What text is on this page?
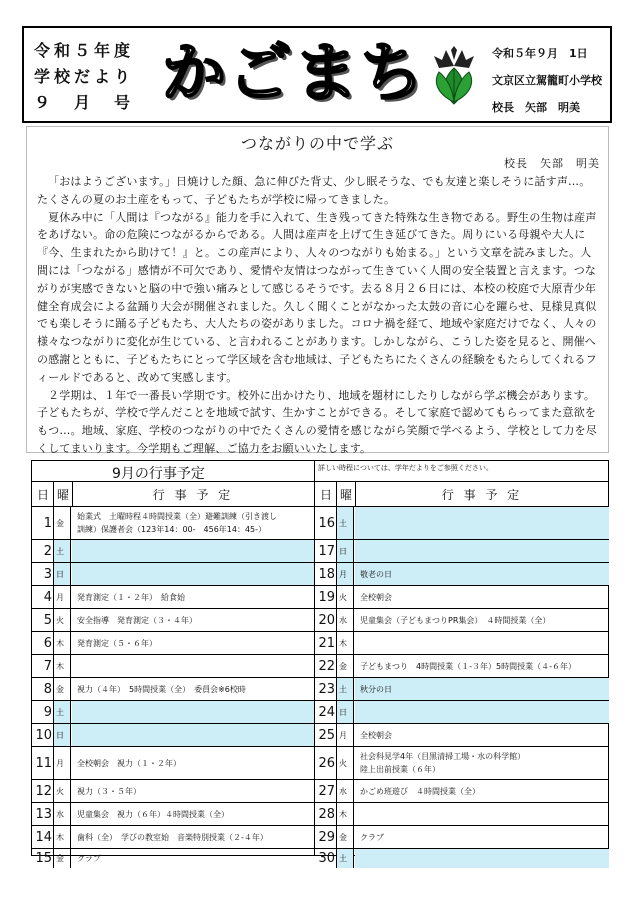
令和５年度
学校だより
９　月　号 かごまち	令和５年９月　1日
文京区立駕籠町小学校
校長　矢部　明美
つながりの中で学ぶ
校長　矢部　明美

「おはようございます。」日焼けした顔、急に伸びた背丈、少し眠そうな、でも友達と楽しそうに話す声…。たくさんの夏のお土産をもって、子どもたちが学校に帰ってきました。

夏休み中に「人間は『つながる』能力を手に入れて、生き残ってきた特殊な生き物である。野生の生物は産声をあげない。命の危険につながるからである。人間は産声を上げて生き延びてきた。周りにいる母親や大人に『今、生まれたから助けて！』と。この産声により、人々のつながりも始まる。」という文章を読みました。人間には「つながる」感情が不可欠であり、愛情や友情はつながって生きていく人間の安全装置と言えます。つながりが実感できないと脳の中で強い痛みとして感じるそうです。去る８月２６日には、本校の校庭で大原青少年健全育成会による盆踊り大会が開催されました。久しく聞くことがなかった太鼓の音に心を躍らせ、見様見真似でも楽しそうに踊る子どもたち、大人たちの姿がありました。コロナ禍を経て、地域や家庭だけでなく、人々の様々なつながりに変化が生じている、と言われることがあります。しかしながら、こうした姿を見ると、開催への感謝とともに、子どもたちにとって学区域を含む地域は、子どもたちにたくさんの経験をもたらしてくれるフィールドであると、改めて実感します。

２学期は、１年で一番長い学期です。校外に出かけたり、地域を題材にしたりしながら学ぶ機会があります。子どもたちが、学校で学んだことを地域で試す、生かすことができる。そして家庭で認めてもらってまた意欲をもつ…。地域、家庭、学校のつながりの中でたくさんの愛情を感じながら笑顔で学べるよう、学校として力を尽くしてまいります。今学期もご理解、ご協力をお願いいたします。

9月の行事予定	詳しい時程については、学年だよりをご参照ください。
日 曜	行 事 予 定	日 曜	行 事 予 定
1 金
始業式　土曜時程４時間授業（全）避難訓練（引き渡し
訓練）保護者会（123年14：00-　456年14：45-）
2 土
3 日
4 月	発育測定（１・２年）　給食始
5 火	安全指導　発育測定（３・４年）
6 木	発育測定（５・６年）
7 木
8 金	視力（４年）　5時間授業（全）　委員会※6校時
9 土
10 日
11 月	全校朝会　視力（１・２年）
12 火	視力（３・５年）
13 水	児童集会　視力（６年）４時間授業（全）
14 木	歯科（全）　学びの教室始　音楽特別授業（２-４年）
15 金	クラブ
16 土
17 日
18 月	敬老の日
19 火	全校朝会
20 水	児童集会（子どもまつりPR集会）　４時間授業（全）
21 木
22 金	子どもまつり　4時間授業（１-３年）5時間授業（４-６年）
23 土	秋分の日
24 日
25 月	全校朝会
26 火
社会科見学4年（目黒清掃工場・水の科学館）
陸上出前授業（６年）
27 水	かごめ班遊び　４時間授業（全）
28 木
29 金	クラブ
30 土
